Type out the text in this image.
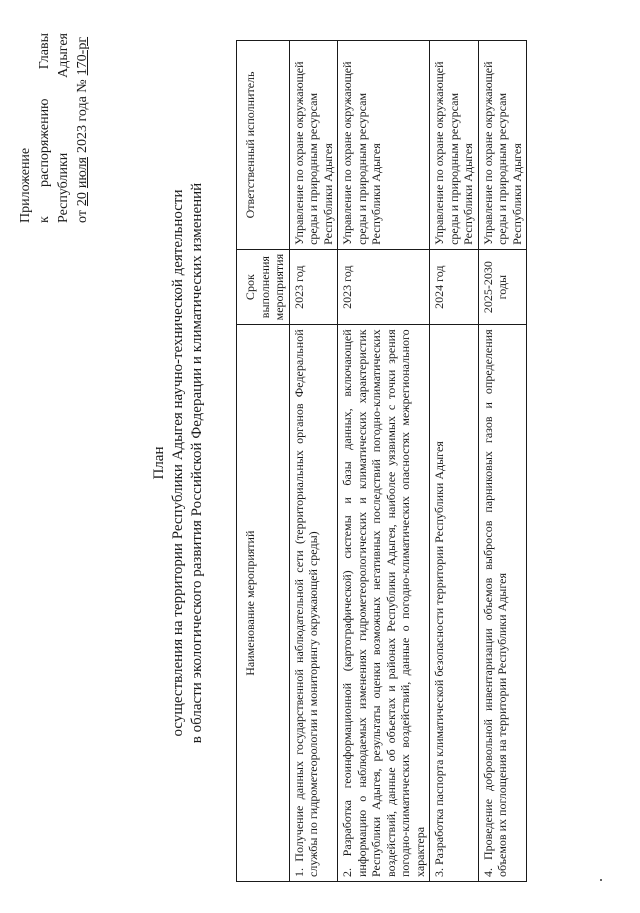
Приложение к
распоряжению
Главы
Республики
Адыгея
от
20
июля
2023 года №
170-рг
План осуществления на территории Республики Адыгея научно-технической деятельности в области экологического развития Российской Федерации и климатических изменений	Наименование мероприятий	Срок выполнения мероприятия	Ответственный исполнитель
1. Получение данных государственной наблюдательной сети (территориальных органов Федеральной службы по гидрометеорологии и мониторингу окружающей среды)	2023 год	Управление по охране окружающей среды и природным ресурсам Республики Адыгея
2. Разработка геоинформационной (картографической) системы и базы данных, включающей информацию о наблюдаемых изменениях гидрометеорологических и климатических характеристик Республики Адыгея, результаты оценки возможных негативных последствий погодно-климатических воздействий, данные об объектах и районах Республики Адыгея, наиболее уязвимых с точки зрения погодно-климатических воздействий, данные о погодно-климатических опасностях межрегионального характера	2023 год	Управление по охране окружающей среды и природным ресурсам Республики Адыгея
3. Разработка паспорта климатической безопасности территории Республики Адыгея	2024 год	Управление по охране окружающей среды и природным ресурсам Республики Адыгея
4. Проведение добровольной инвентаризации объемов выбросов парниковых газов и определения объемов их поглощения на территории Республики Адыгея	2025-2030 годы	Управление по охране окружающей среды и природным ресурсам Республики Адыгея
